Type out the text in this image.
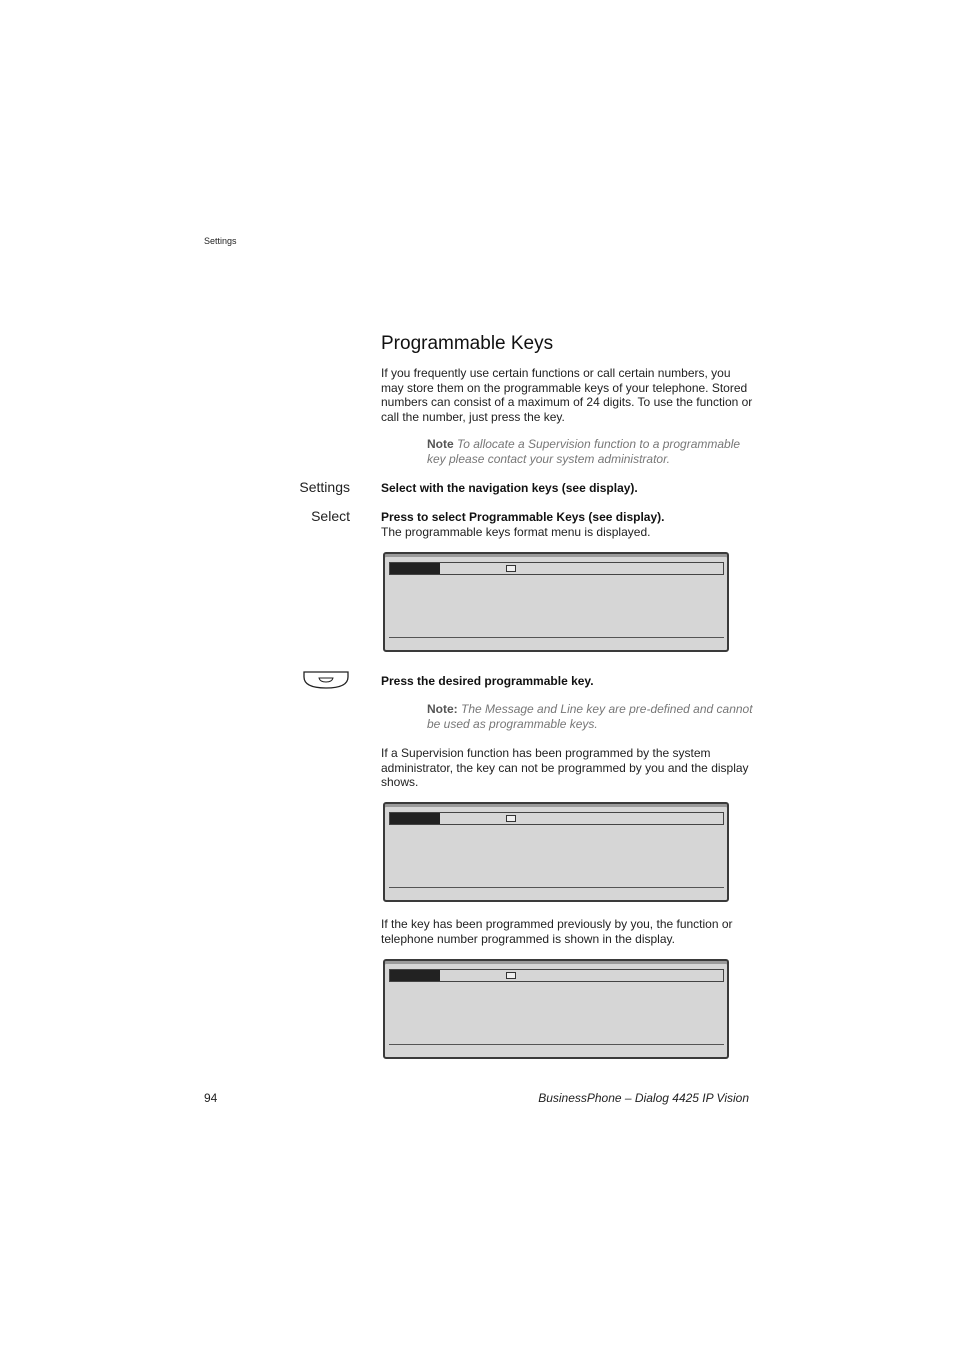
Settings
Programmable Keys
If you frequently use certain functions or call certain numbers, you may store them on the programmable keys of your telephone. Stored numbers can consist of a maximum of 24 digits. To use the function or call the number, just press the key.
Note To allocate a Supervision function to a programmable key please contact your system administrator.
Settings	Select with the navigation keys (see display).
Select	Press to select Programmable Keys (see display).
The programmable keys format menu is displayed.
Press the desired programmable key.
Note: The Message and Line key are pre-defined and cannot be used as programmable keys.
If a Supervision function has been programmed by the system administrator, the key can not be programmed by you and the display shows.
If the key has been programmed previously by you, the function or telephone number programmed is shown in the display.
94	BusinessPhone – Dialog 4425 IP Vision
